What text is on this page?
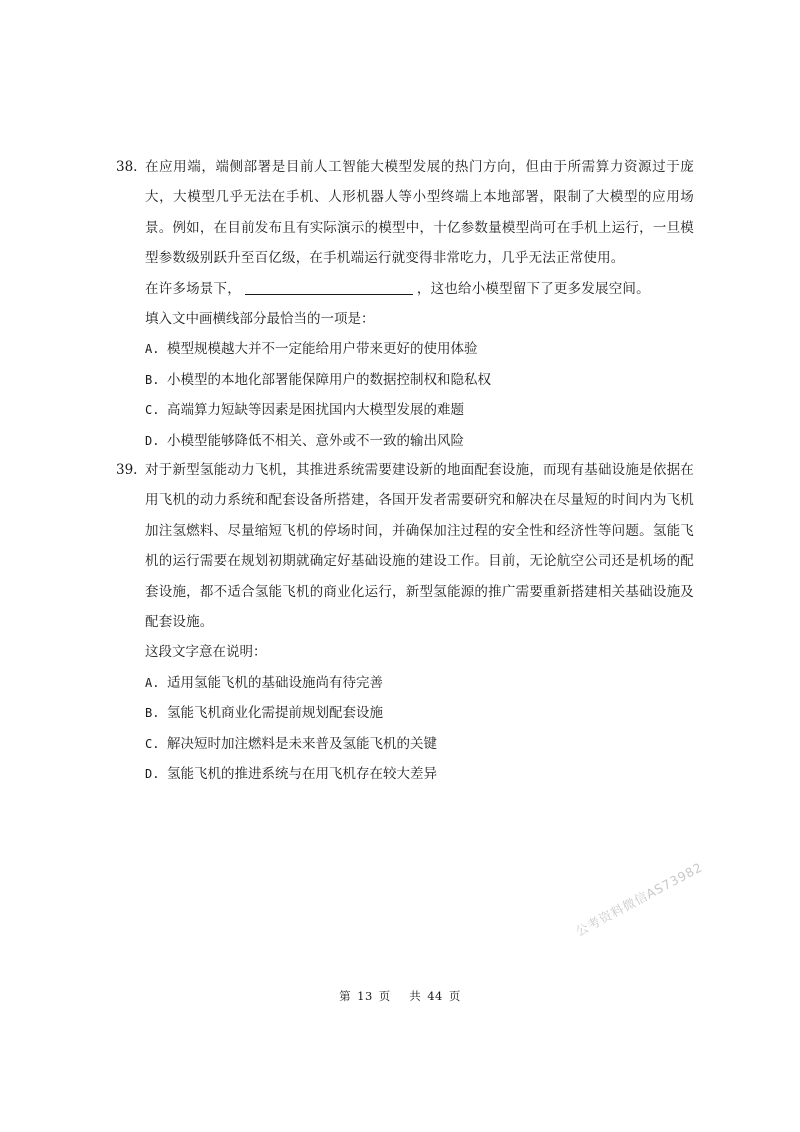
38. 在应用端，端侧部署是目前人工智能大模型发展的热门方向，但由于所需算力资源过于庞大，大模型几乎无法在手机、人形机器人等小型终端上本地部署，限制了大模型的应用场景。例如，在目前发布且有实际演示的模型中，十亿参数量模型尚可在手机上运行，一旦模型参数级别跃升至百亿级，在手机端运行就变得非常吃力，几乎无法正常使用。
在许多场景下，	，这也给小模型留下了更多发展空间。
填入文中画横线部分最恰当的一项是：
A. 模型规模越大并不一定能给用户带来更好的使用体验
B. 小模型的本地化部署能保障用户的数据控制权和隐私权
C. 高端算力短缺等因素是困扰国内大模型发展的难题
D. 小模型能够降低不相关、意外或不一致的输出风险
39. 对于新型氢能动力飞机，其推进系统需要建设新的地面配套设施，而现有基础设施是依据在用飞机的动力系统和配套设备所搭建，各国开发者需要研究和解决在尽量短的时间内为飞机加注氢燃料、尽量缩短飞机的停场时间，并确保加注过程的安全性和经济性等问题。氢能飞机的运行需要在规划初期就确定好基础设施的建设工作。目前，无论航空公司还是机场的配套设施，都不适合氢能飞机的商业化运行，新型氢能源的推广需要重新搭建相关基础设施及配套设施。
这段文字意在说明：
A. 适用氢能飞机的基础设施尚有待完善
B. 氢能飞机商业化需提前规划配套设施
C. 解决短时加注燃料是未来普及氢能飞机的关键
D. 氢能飞机的推进系统与在用飞机存在较大差异
公考资料微信AS73982
第 13 页 共 44 页
